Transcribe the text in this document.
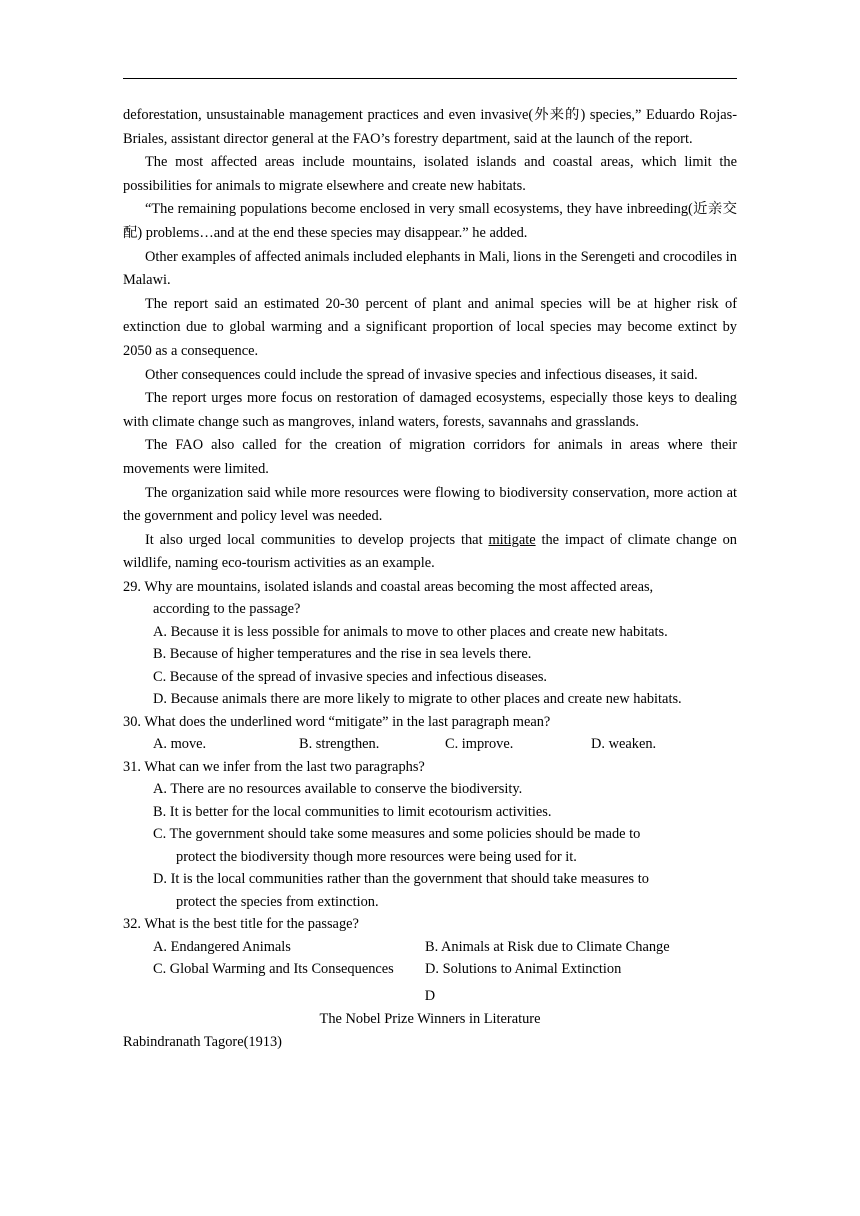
deforestation, unsustainable management practices and even invasive(外来的) species,” Eduardo Rojas-Briales, assistant director general at the FAO’s forestry department, said at the launch of the report.

The most affected areas include mountains, isolated islands and coastal areas, which limit the possibilities for animals to migrate elsewhere and create new habitats.

“The remaining populations become enclosed in very small ecosystems, they have inbreeding(近亲交配) problems…and at the end these species may disappear.” he added.

Other examples of affected animals included elephants in Mali, lions in the Serengeti and crocodiles in Malawi.

The report said an estimated 20-30 percent of plant and animal species will be at higher risk of extinction due to global warming and a significant proportion of local species may become extinct by 2050 as a consequence.

Other consequences could include the spread of invasive species and infectious diseases, it said.

The report urges more focus on restoration of damaged ecosystems, especially those keys to dealing with climate change such as mangroves, inland waters, forests, savannahs and grasslands.

The FAO also called for the creation of migration corridors for animals in areas where their movements were limited.

The organization said while more resources were flowing to biodiversity conservation, more action at the government and policy level was needed.

It also urged local communities to develop projects that mitigate the impact of climate change on wildlife, naming eco-tourism activities as an example.

29. Why are mountains, isolated islands and coastal areas becoming the most affected areas,
according to the passage?

A. Because it is less possible for animals to move to other places and create new habitats.

B. Because of higher temperatures and the rise in sea levels there.

C. Because of the spread of invasive species and infectious diseases.

D. Because animals there are more likely to migrate to other places and create new habitats.

30. What does the underlined word “mitigate” in the last paragraph mean?
A. move.	B. strengthen.	C. improve.	D. weaken.
31. What can we infer from the last two paragraphs?

A. There are no resources available to conserve the biodiversity.

B. It is better for the local communities to limit ecotourism activities.

C. The government should take some measures and some policies should be made to
protect the biodiversity though more resources were being used for it.
D. It is the local communities rather than the government that should take measures to
protect the species from extinction.
32. What is the best title for the passage?
A. Endangered Animals	B. Animals at Risk due to Climate Change
C. Global Warming and Its Consequences	D. Solutions to Animal Extinction

D

The Nobel Prize Winners in Literature

Rabindranath Tagore(1913)
